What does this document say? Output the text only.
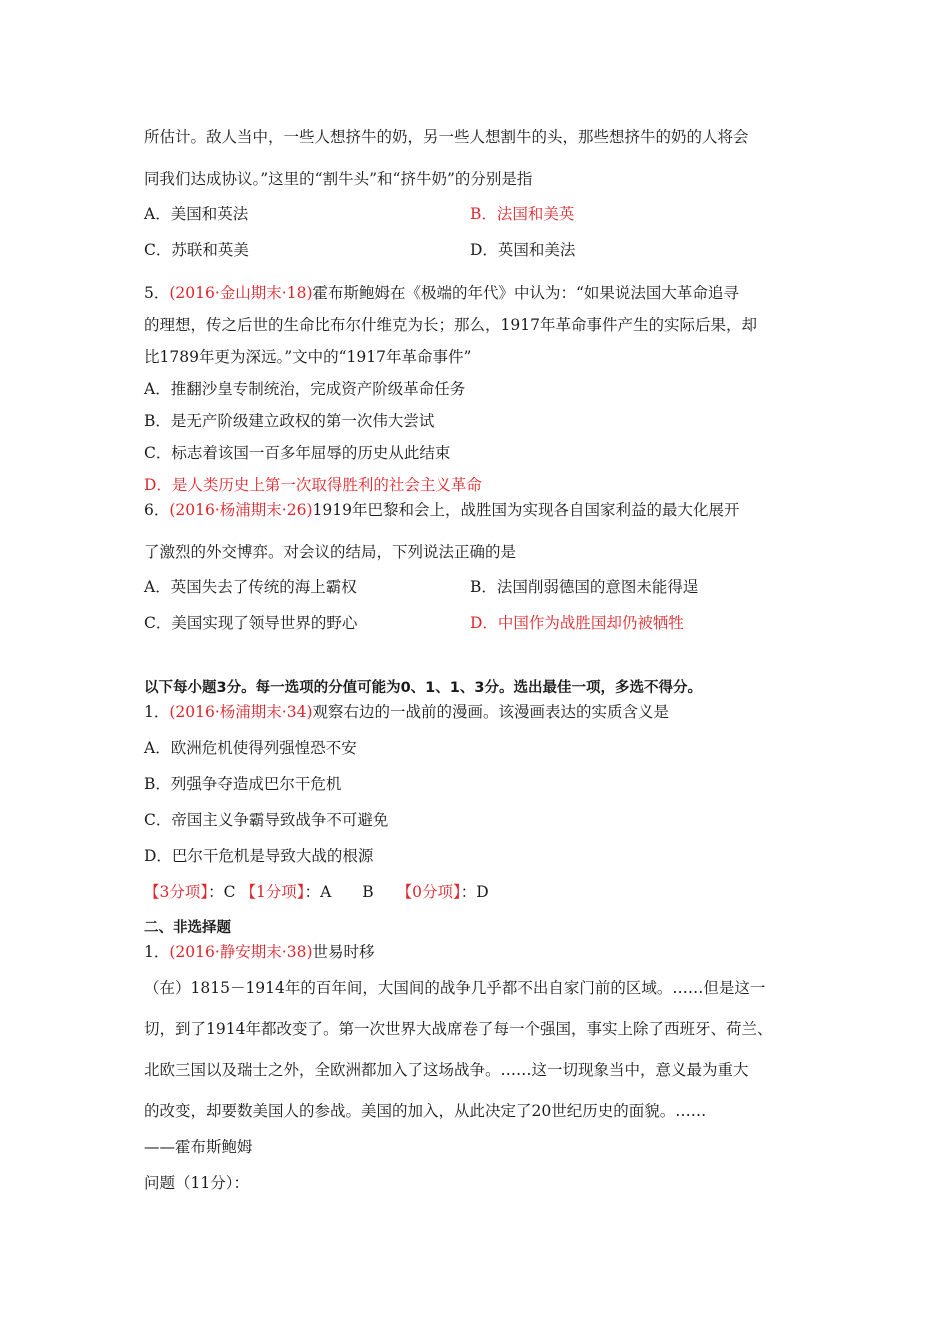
所估计。敌人当中，一些人想挤牛的奶，另一些人想割牛的头，那些想挤牛的奶的人将会
同我们达成协议。”这里的“割牛头”和“挤牛奶”的分别是指
A．美国和英法	B．法国和美英
C．苏联和英美	D．英国和美法
5．(2016·金山期末·18)霍布斯鲍姆在《极端的年代》中认为：“如果说法国大革命追寻
的理想，传之后世的生命比布尔什维克为长；那么，1917年革命事件产生的实际后果，却
比1789年更为深远。”文中的“1917年革命事件”
A．推翻沙皇专制统治，完成资产阶级革命任务
B．是无产阶级建立政权的第一次伟大尝试
C．标志着该国一百多年屈辱的历史从此结束
D．是人类历史上第一次取得胜利的社会主义革命
6．(2016·杨浦期末·26)1919年巴黎和会上，战胜国为实现各自国家利益的最大化展开
了激烈的外交博弈。对会议的结局，下列说法正确的是
A．英国失去了传统的海上霸权	B．法国削弱德国的意图未能得逞
C．美国实现了领导世界的野心	D．中国作为战胜国却仍被牺牲
以下每小题3分。每一选项的分值可能为0、1、1、3分。选出最佳一项，多选不得分。
1．(2016·杨浦期末·34)观察右边的一战前的漫画。该漫画表达的实质含义是
A．欧洲危机使得列强惶恐不安
B．列强争夺造成巴尔干危机
C．帝国主义争霸导致战争不可避免
D．巴尔干危机是导致大战的根源
【3分项】：C 【1分项】：A　　B 【0分项】：D
二、非选择题
1．(2016·静安期末·38)世易时移
（在）1815－1914年的百年间，大国间的战争几乎都不出自家门前的区域。……但是这一
切，到了1914年都改变了。第一次世界大战席卷了每一个强国，事实上除了西班牙、荷兰、
北欧三国以及瑞士之外，全欧洲都加入了这场战争。……这一切现象当中，意义最为重大
的改变，却要数美国人的参战。美国的加入，从此决定了20世纪历史的面貌。……
——霍布斯鲍姆
问题（11分）：
